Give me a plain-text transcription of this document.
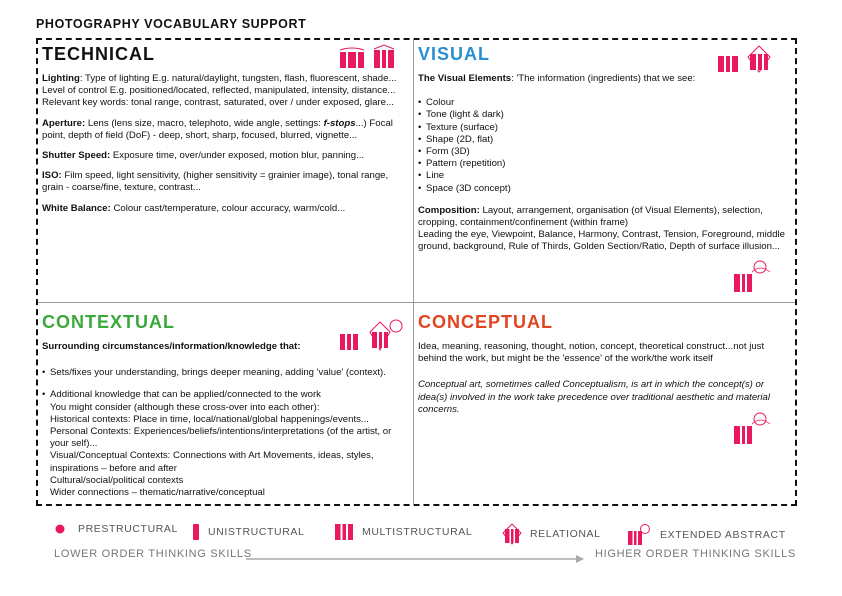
PHOTOGRAPHY VOCABULARY SUPPORT
TECHNICAL

Lighting: Type of lighting E.g. natural/daylight, tungsten, flash, fluorescent, shade... Level of control E.g. positioned/located, reflected, manipulated, intensity, distance... Relevant key words: tonal range, contrast, saturated, over / under exposed, glare...

Aperture: Lens (lens size, macro, telephoto, wide angle, settings: f-stops...) Focal point, depth of field (DoF) - deep, short, sharp, focused, blurred, vignette...

Shutter Speed: Exposure time, over/under exposed, motion blur, panning...

ISO: Film speed, light sensitivity, (higher sensitivity = grainier image), tonal range, grain - coarse/fine, texture, contrast...

White Balance: Colour cast/temperature, colour accuracy, warm/cold...

VISUAL

The Visual Elements: 'The information (ingredients) that we see:

• Colour
• Tone (light & dark)
• Texture (surface)
• Shape (2D, flat)
• Form (3D)
• Pattern (repetition)
• Line
• Space (3D concept)
Composition: Layout, arrangement, organisation (of Visual Elements), selection, cropping, containment/confinement (within frame)
Leading the eye, Viewpoint, Balance, Harmony, Contrast, Tension, Foreground, middle ground, background, Rule of Thirds, Golden Section/Ratio, Depth of surface illusion...
CONTEXTUAL

Surrounding circumstances/information/knowledge that:

• Sets/fixes your understanding, brings deeper meaning, adding 'value' (context).
• Additional knowledge that can be applied/connected to the work
You might consider (although these cross-over into each other):
Historical contexts: Place in time, local/national/global happenings/events...
Personal Contexts: Experiences/beliefs/intentions/interpretations (of the artist, or your self)...
Visual/Conceptual Contexts: Connections with Art Movements, ideas, styles, inspirations – before and after
Cultural/social/political contexts
Wider connections – thematic/narrative/conceptual
CONCEPTUAL

Idea, meaning, reasoning, thought, notion, concept, theoretical construct...not just behind the work, but might be the 'essence' of the work/the work itself

Conceptual art, sometimes called Conceptualism, is art in which the concept(s) or idea(s) involved in the work take precedence over traditional aesthetic and material concerns.

PRESTRUCTURAL	UNISTRUCTURAL	MULTISTRUCTURAL	RELATIONAL	EXTENDED ABSTRACT
LOWER ORDER THINKING SKILLS	HIGHER ORDER THINKING SKILLS
